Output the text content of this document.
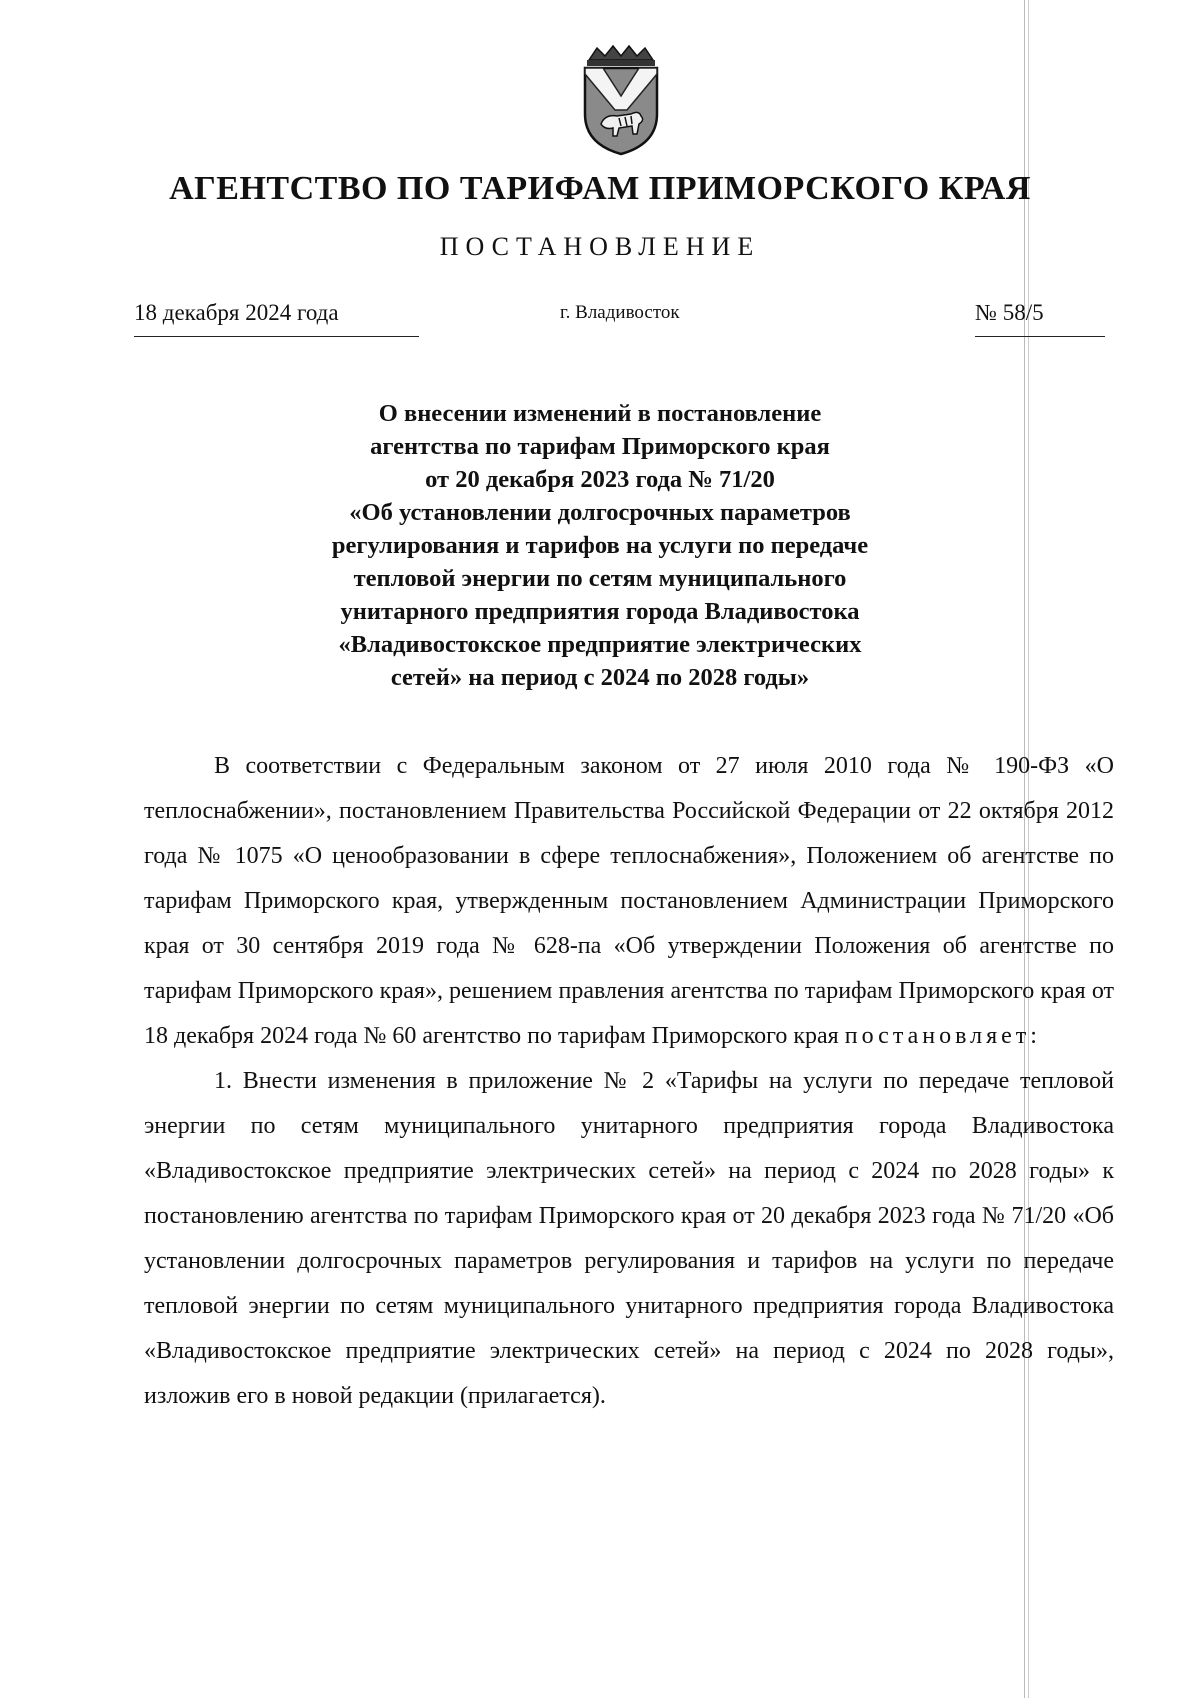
АГЕНТСТВО ПО ТАРИФАМ ПРИМОРСКОГО КРАЯ
ПОСТАНОВЛЕНИЕ
18 декабря 2024 года	г. Владивосток	№ 58/5
О внесении изменений в постановление
агентства по тарифам Приморского края
от 20 декабря 2023 года № 71/20
«Об установлении долгосрочных параметров
регулирования и тарифов на услуги по передаче
тепловой энергии по сетям муниципального
унитарного предприятия города Владивостока
«Владивостокское предприятие электрических
сетей» на период с 2024 по 2028 годы»

В соответствии с Федеральным законом от 27 июля 2010 года № 190-ФЗ «О теплоснабжении», постановлением Правительства Российской Федерации от 22 октября 2012 года № 1075 «О ценообразовании в сфере теплоснабжения», Положением об агентстве по тарифам Приморского края, утвержденным постановлением Администрации Приморского края от 30 сентября 2019 года № 628-па «Об утверждении Положения об агентстве по тарифам Приморского края», решением правления агентства по тарифам Приморского края от 18 декабря 2024 года № 60 агентство по тарифам Приморского края постановляет:

1. Внести изменения в приложение № 2 «Тарифы на услуги по передаче тепловой энергии по сетям муниципального унитарного предприятия города Владивостока «Владивостокское предприятие электрических сетей» на период с 2024 по 2028 годы» к постановлению агентства по тарифам Приморского края от 20 декабря 2023 года № 71/20 «Об установлении долгосрочных параметров регулирования и тарифов на услуги по передаче тепловой энергии по сетям муниципального унитарного предприятия города Владивостока «Владивостокское предприятие электрических сетей» на период с 2024 по 2028 годы», изложив его в новой редакции (прилагается).
